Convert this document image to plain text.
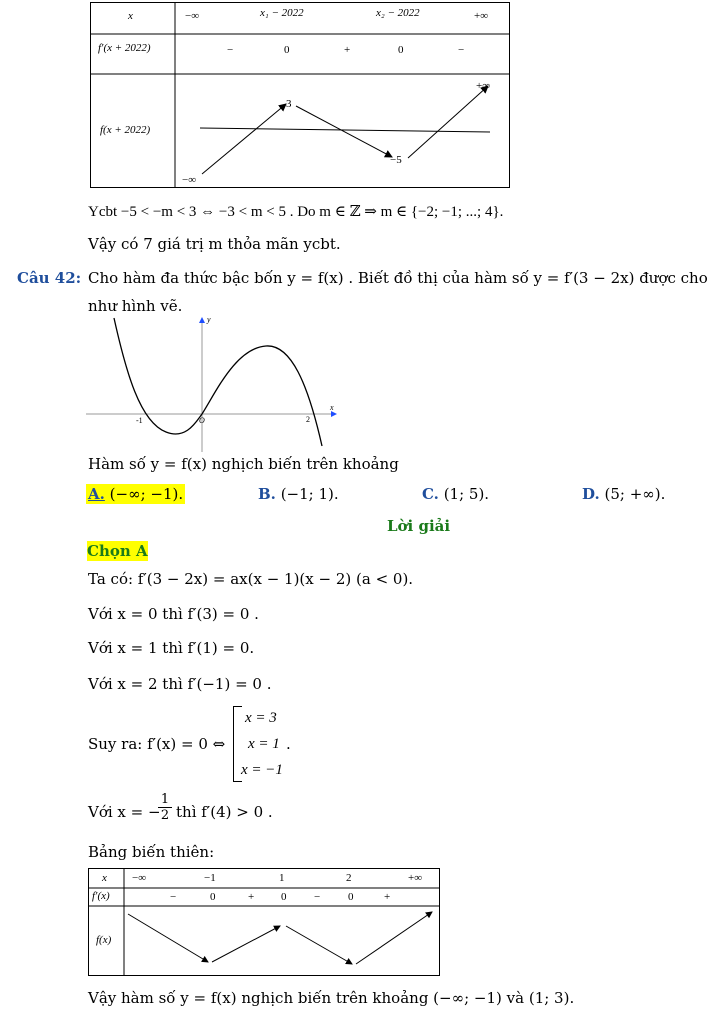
x	−∞	x₁ − 2022	x₂ − 2022	+∞
f′(x + 2022)	−	0	+	0	−
f(x + 2022)
−∞
3
−5
+∞
Ycbt −5 < −m < 3 ⇔ −3 < m < 5 . Do m ∈ ℤ ⇒ m ∈ {−2; −1; ...; 4}.
Vậy có 7 giá trị m thỏa mãn ycbt.
Câu 42: Cho hàm đa thức bậc bốn y = f(x) . Biết đồ thị của hàm số y = f′(3 − 2x) được cho
như hình vẽ.
y
x
-1	O	2
Hàm số y = f(x) nghịch biến trên khoảng
A. (−∞; −1).	B. (−1; 1).	C. (1; 5).	D. (5; +∞).
Lời giải
Chọn A
Ta có: f′(3 − 2x) = ax(x − 1)(x − 2) (a < 0).
Với x = 0 thì f′(3) = 0 .
Với x = 1 thì f′(1) = 0.
Với x = 2 thì f′(−1) = 0 .
Suy ra: f′(x) = 0 ⇔
x = 3
x = 1
x = −1
.
Với x = −
$\frac{1}{2}$ thì f′(4) > 0 .
Bảng biến thiên:
x −∞	−1	1	2	+∞
f′(x)	−	0	+ 0	−	0	+
f(x)
Vậy hàm số y = f(x) nghịch biến trên khoảng (−∞; −1) và (1; 3).
